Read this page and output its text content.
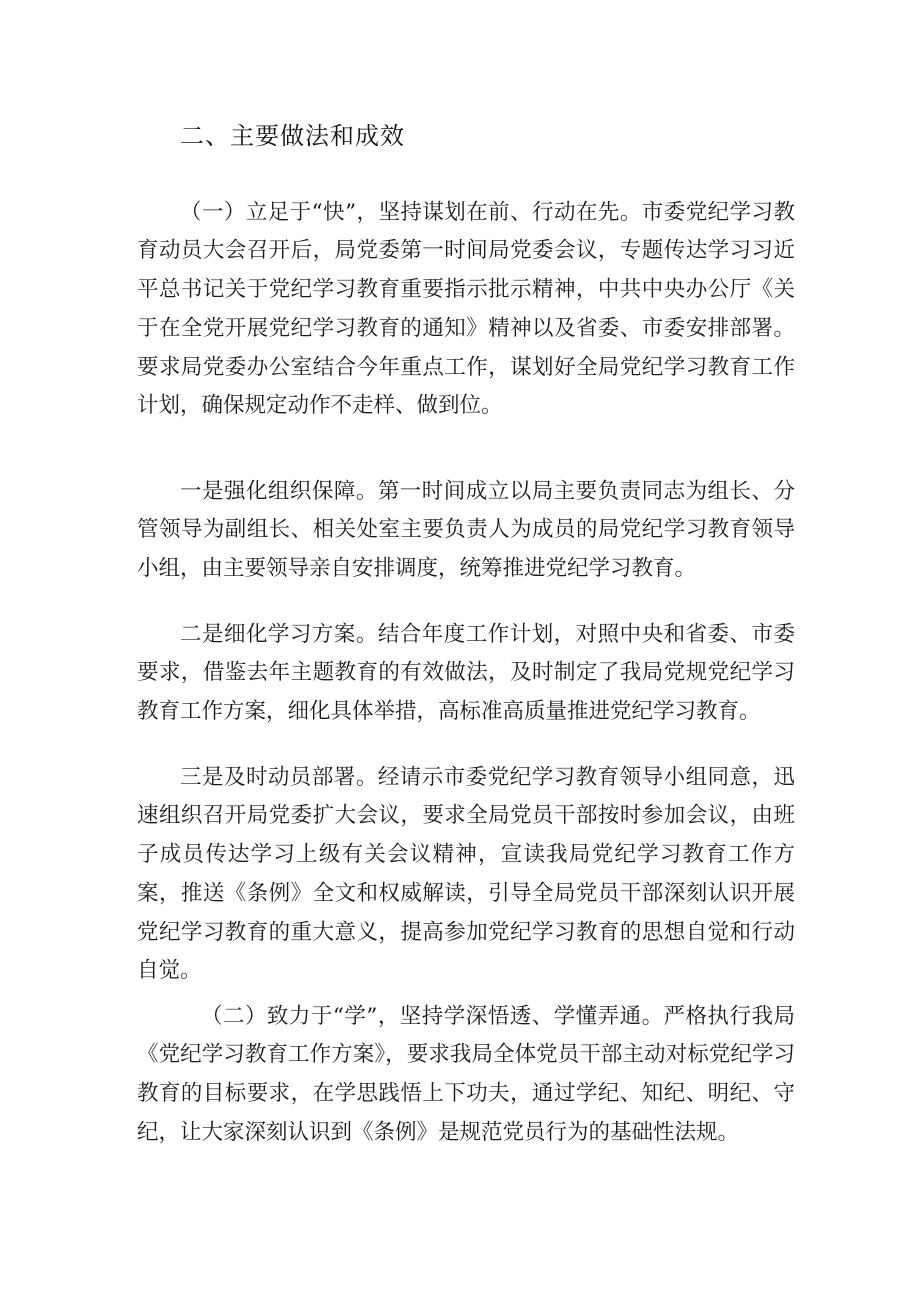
二、主要做法和成效

（一）立足于“快”，坚持谋划在前、行动在先。市委党纪学习教育动员大会召开后，局党委第一时间局党委会议，专题传达学习习近平总书记关于党纪学习教育重要指示批示精神，中共中央办公厅《关于在全党开展党纪学习教育的通知》精神以及省委、市委安排部署。要求局党委办公室结合今年重点工作，谋划好全局党纪学习教育工作计划，确保规定动作不走样、做到位。

一是强化组织保障。第一时间成立以局主要负责同志为组长、分管领导为副组长、相关处室主要负责人为成员的局党纪学习教育领导小组，由主要领导亲自安排调度，统筹推进党纪学习教育。

二是细化学习方案。结合年度工作计划，对照中央和省委、市委要求，借鉴去年主题教育的有效做法，及时制定了我局党规党纪学习教育工作方案，细化具体举措，高标准高质量推进党纪学习教育。

三是及时动员部署。经请示市委党纪学习教育领导小组同意，迅速组织召开局党委扩大会议，要求全局党员干部按时参加会议，由班子成员传达学习上级有关会议精神，宣读我局党纪学习教育工作方案，推送《条例》全文和权威解读，引导全局党员干部深刻认识开展党纪学习教育的重大意义，提高参加党纪学习教育的思想自觉和行动自觉。

（二）致力于“学”，坚持学深悟透、学懂弄通。严格执行我局《党纪学习教育工作方案》，要求我局全体党员干部主动对标党纪学习教育的目标要求，在学思践悟上下功夫，通过学纪、知纪、明纪、守纪，让大家深刻认识到《条例》是规范党员行为的基础性法规。
